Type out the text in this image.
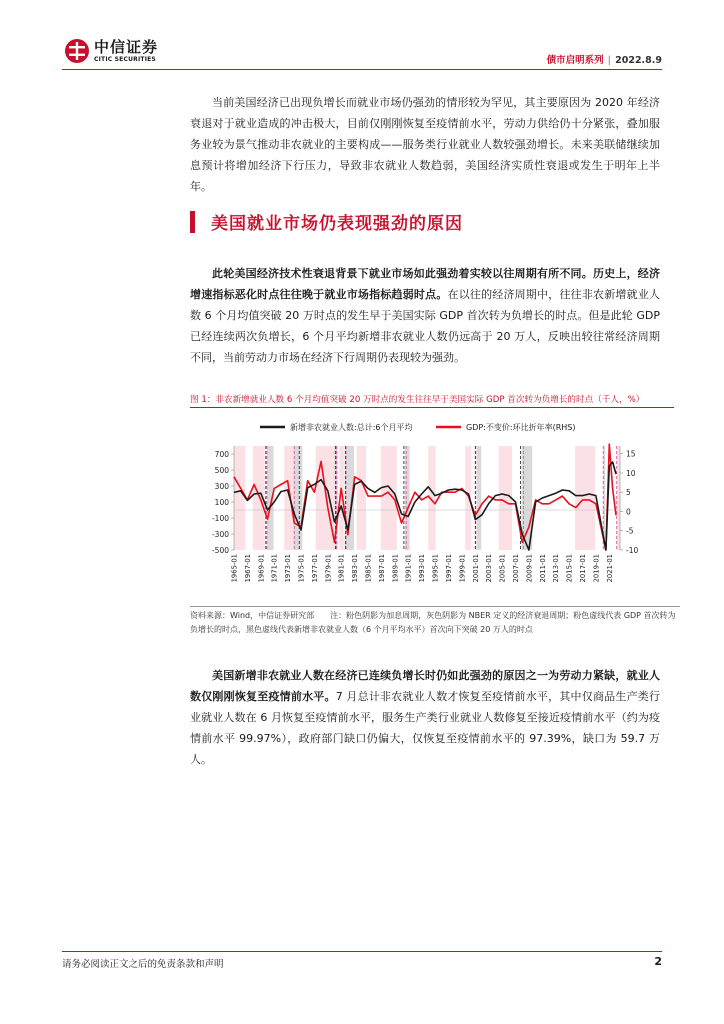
中信证券
CITIC SECURITIES	债市启明系列 | 2022.8.9

当前美国经济已出现负增长而就业市场仍强劲的情形较为罕见，其主要原因为 2020 年经济衰退对于就业造成的冲击极大，目前仅刚刚恢复至疫情前水平，劳动力供给仍十分紧张，叠加服务业较为景气推动非农就业的主要构成——服务类行业就业人数较强劲增长。未来美联储继续加息预计将增加经济下行压力，导致非农就业人数趋弱，美国经济实质性衰退或发生于明年上半年。

美国就业市场仍表现强劲的原因

此轮美国经济技术性衰退背景下就业市场如此强劲着实较以往周期有所不同。历史上，经济增速指标恶化时点往往晚于就业市场指标趋弱时点。在以往的经济周期中，往往非农新增就业人数 6 个月均值突破 20 万时点的发生早于美国实际 GDP 首次转为负增长的时点。但是此轮 GDP 已经连续两次负增长，6 个月平均新增非农就业人数仍远高于 20 万人，反映出较往常经济周期不同，当前劳动力市场在经济下行周期仍表现较为强劲。

图 1：非农新增就业人数 6 个月均值突破 20 万时点的发生往往早于美国实际 GDP 首次转为负增长的时点（千人，%）
新增非农就业人数:总计:6个月平均	GDP:不变价:环比折年率(RHS)
700
500
300
100
-100
-300
-500
15
10
5
0
-5
-10
1965-01 1967-01 1969-01 1971-01 1973-01 1975-01 1977-01 1979-01 1981-01 1983-01 1985-01 1987-01 1989-01 1991-01 1993-01 1995-01 1997-01 1999-01 2001-01 2003-01 2005-01 2007-01 2009-01 2011-01 2013-01 2015-01 2017-01 2019-01 2021-01

资料来源：Wind，中信证券研究部　　注：粉色阴影为加息周期，灰色阴影为 NBER 定义的经济衰退周期；粉色虚线代表 GDP 首次转为负增长的时点，黑色虚线代表新增非农就业人数（6 个月平均水平）首次向下突破 20 万人的时点

美国新增非农就业人数在经济已连续负增长时仍如此强劲的原因之一为劳动力紧缺，就业人数仅刚刚恢复至疫情前水平。7 月总计非农就业人数才恢复至疫情前水平，其中仅商品生产类行业就业人数在 6 月恢复至疫情前水平，服务生产类行业就业人数修复至接近疫情前水平（约为疫情前水平 99.97%），政府部门缺口仍偏大，仅恢复至疫情前水平的 97.39%，缺口为 59.7 万人。

请务必阅读正文之后的免责条款和声明	2
